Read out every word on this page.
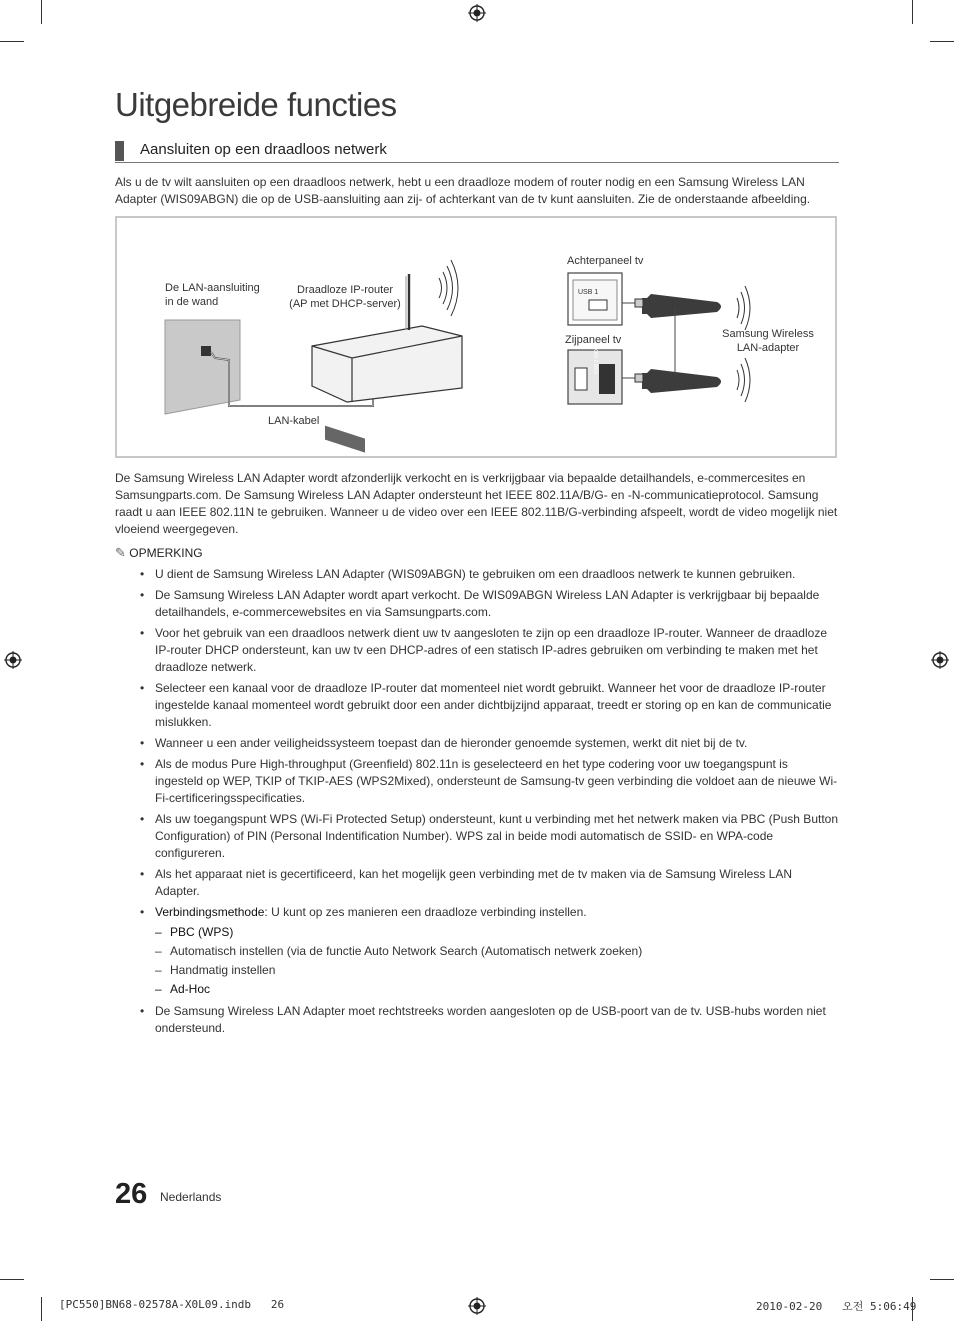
Uitgebreide functies
Aansluiten op een draadloos netwerk

Als u de tv wilt aansluiten op een draadloos netwerk, hebt u een draadloze modem of router nodig en een Samsung Wireless LAN Adapter (WIS09ABGN) die op de USB-aansluiting aan zij- of achterkant van de tv kunt aansluiten. Zie de onderstaande afbeelding.

USB 1
USB 2 (HDD)
De LAN-aansluiting
in de wand
Draadloze IP-router
(AP met DHCP-server)
LAN-kabel
Achterpaneel tv
Zijpaneel tv	Samsung Wireless
LAN-adapter

De Samsung Wireless LAN Adapter wordt afzonderlijk verkocht en is verkrijgbaar via bepaalde detailhandels, e-commercesites en Samsungparts.com. De Samsung Wireless LAN Adapter ondersteunt het IEEE 802.11A/B/G- en -N-communicatieprotocol. Samsung raadt u aan IEEE 802.11N te gebruiken. Wanneer u de video over een IEEE 802.11B/G-verbinding afspeelt, wordt de video mogelijk niet vloeiend weergegeven.

✎ OPMERKING
• U dient de Samsung Wireless LAN Adapter (WIS09ABGN) te gebruiken om een draadloos netwerk te kunnen gebruiken.
• De Samsung Wireless LAN Adapter wordt apart verkocht. De WIS09ABGN Wireless LAN Adapter is verkrijgbaar bij bepaalde detailhandels, e-commercewebsites en via Samsungparts.com.
• Voor het gebruik van een draadloos netwerk dient uw tv aangesloten te zijn op een draadloze IP-router. Wanneer de draadloze IP-router DHCP ondersteunt, kan uw tv een DHCP-adres of een statisch IP-adres gebruiken om verbinding te maken met het draadloze netwerk.
• Selecteer een kanaal voor de draadloze IP-router dat momenteel niet wordt gebruikt. Wanneer het voor de draadloze IP-router ingestelde kanaal momenteel wordt gebruikt door een ander dichtbijzijnd apparaat, treedt er storing op en kan de communicatie mislukken.
• Wanneer u een ander veiligheidssysteem toepast dan de hieronder genoemde systemen, werkt dit niet bij de tv.
• Als de modus Pure High-throughput (Greenfield) 802.11n is geselecteerd en het type codering voor uw toegangspunt is ingesteld op WEP, TKIP of TKIP-AES (WPS2Mixed), ondersteunt de Samsung-tv geen verbinding die voldoet aan de nieuwe Wi-Fi-certificeringsspecificaties.
• Als uw toegangspunt WPS (Wi-Fi Protected Setup) ondersteunt, kunt u verbinding met het netwerk maken via PBC (Push Button Configuration) of PIN (Personal Indentification Number). WPS zal in beide modi automatisch de SSID- en WPA-code configureren.
• Als het apparaat niet is gecertificeerd, kan het mogelijk geen verbinding met de tv maken via de Samsung Wireless LAN Adapter.
• Verbindingsmethode: U kunt op zes manieren een draadloze verbinding instellen.
– PBC (WPS)
– Automatisch instellen (via de functie Auto Network Search (Automatisch netwerk zoeken)
– Handmatig instellen
– Ad-Hoc
• De Samsung Wireless LAN Adapter moet rechtstreeks worden aangesloten op de USB-poort van de tv. USB-hubs worden niet ondersteund.
26 Nederlands
[PC550]BN68-02578A-X0L09.indb   26	2010-02-20   오전 5:06:49
